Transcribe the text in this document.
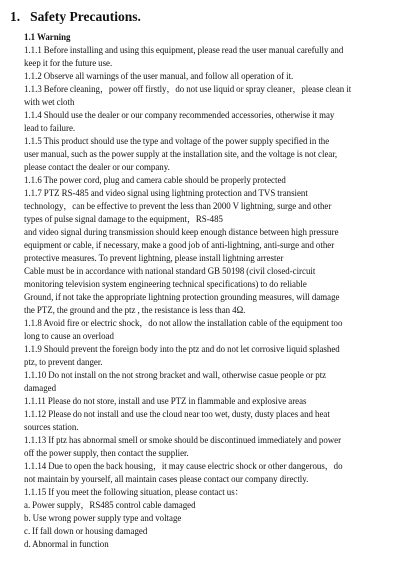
1. Safety Precautions.

1.1 Warning

1.1.1 Before installing and using this equipment, please read the user manual carefully and
keep it for the future use.

1.1.2 Observe all warnings of the user manual, and follow all operation of it.

1.1.3 Before cleaning，power off firstly，do not use liquid or spray cleaner，please clean it
with wet cloth

1.1.4 Should use the dealer or our company recommended accessories, otherwise it may
lead to failure.

1.1.5 This product should use the type and voltage of the power supply specified in the
user manual, such as the power supply at the installation site, and the voltage is not clear,
please contact the dealer or our company.

1.1.6 The power cord, plug and camera cable should be properly protected

1.1.7 PTZ RS-485 and video signal using lightning protection and TVS transient
technology，can be effective to prevent the less than 2000 V lightning, surge and other
types of pulse signal damage to the equipment，RS-485
and video signal during transmission should keep enough distance between high pressure
equipment or cable, if necessary, make a good job of anti-lightning, anti-surge and other
protective measures. To prevent lightning, please install lightning arrester
Cable must be in accordance with national standard GB 50198 (civil closed-circuit
monitoring television system engineering technical specifications) to do reliable
Ground, if not take the appropriate lightning protection grounding measures, will damage
the PTZ, the ground and the ptz , the resistance is less than 4Ω.

1.1.8 Avoid fire or electric shock，do not allow the installation cable of the equipment too
long to cause an overload

1.1.9 Should prevent the foreign body into the ptz and do not let corrosive liquid splashed
ptz, to prevent danger.

1.1.10 Do not install on the not strong bracket and wall, otherwise casue people or ptz
damaged

1.1.11 Please do not store, install and use PTZ in flammable and explosive areas

1.1.12 Please do not install and use the cloud near too wet, dusty, dusty places and heat
sources station.

1.1.13 If ptz has abnormal smell or smoke should be discontinued immediately and power
off the power supply, then contact the supplier.

1.1.14 Due to open the back housing，it may cause electric shock or other dangerous，do
not maintain by yourself, all maintain cases please contact our company directly.

1.1.15 If you meet the following situation, please contact us：

a. Power supply，RS485 control cable damaged

b. Use wrong power supply type and voltage

c. If fall down or housing damaged

d. Abnormal in function
